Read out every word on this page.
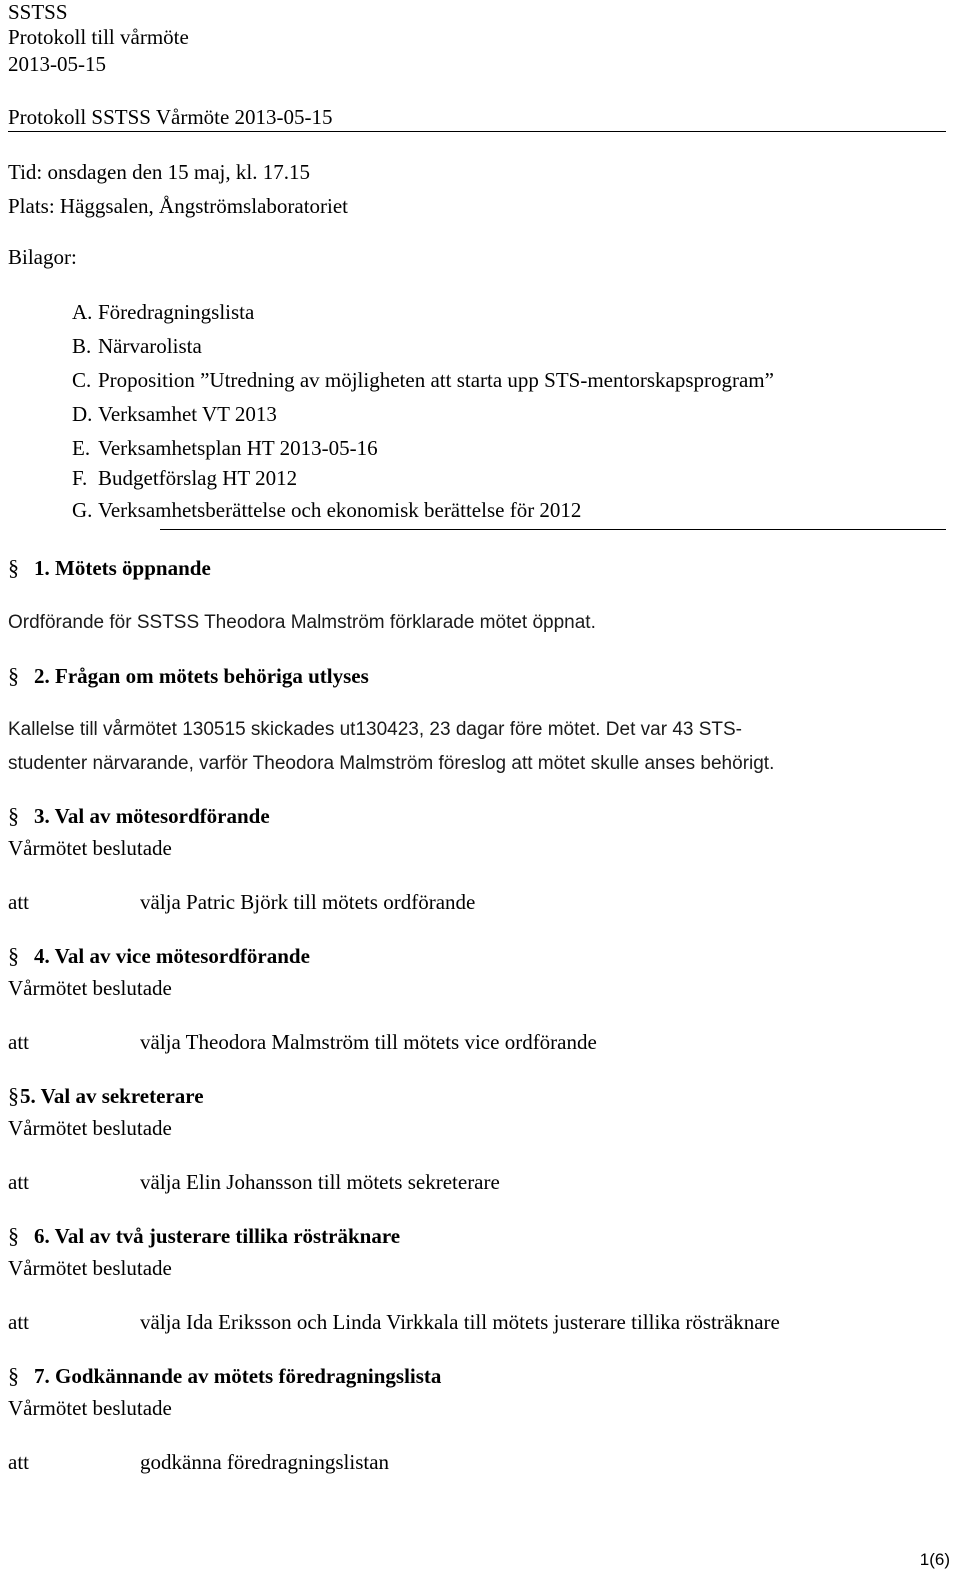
SSTSS
Protokoll till vårmöte
2013-05-15
Protokoll SSTSS Vårmöte 2013-05-15
Tid: onsdagen den 15 maj, kl. 17.15
Plats: Häggsalen, Ångströmslaboratoriet
Bilagor:
A. Föredragningslista
B. Närvarolista
C. Proposition ”Utredning av möjligheten att starta upp STS-mentorskapsprogram”
D. Verksamhet VT 2013
E. Verksamhetsplan HT 2013-05-16
F. Budgetförslag HT 2012
G. Verksamhetsberättelse och ekonomisk berättelse för 2012
§ 1. Mötets öppnande
Ordförande för SSTSS Theodora Malmström förklarade mötet öppnat.
§ 2. Frågan om mötets behöriga utlyses
Kallelse till vårmötet 130515 skickades ut130423, 23 dagar före mötet. Det var 43 STS-
studenter närvarande, varför Theodora Malmström föreslog att mötet skulle anses behörigt.
§ 3. Val av mötesordförande
Vårmötet beslutade
att	välja Patric Björk till mötets ordförande
§ 4. Val av vice mötesordförande
Vårmötet beslutade
att	välja Theodora Malmström till mötets vice ordförande
§5. Val av sekreterare
Vårmötet beslutade
att	välja Elin Johansson till mötets sekreterare
§ 6. Val av två justerare tillika rösträknare
Vårmötet beslutade
att	välja Ida Eriksson och Linda Virkkala till mötets justerare tillika rösträknare
§ 7. Godkännande av mötets föredragningslista
Vårmötet beslutade
att	godkänna föredragningslistan
1(6)
